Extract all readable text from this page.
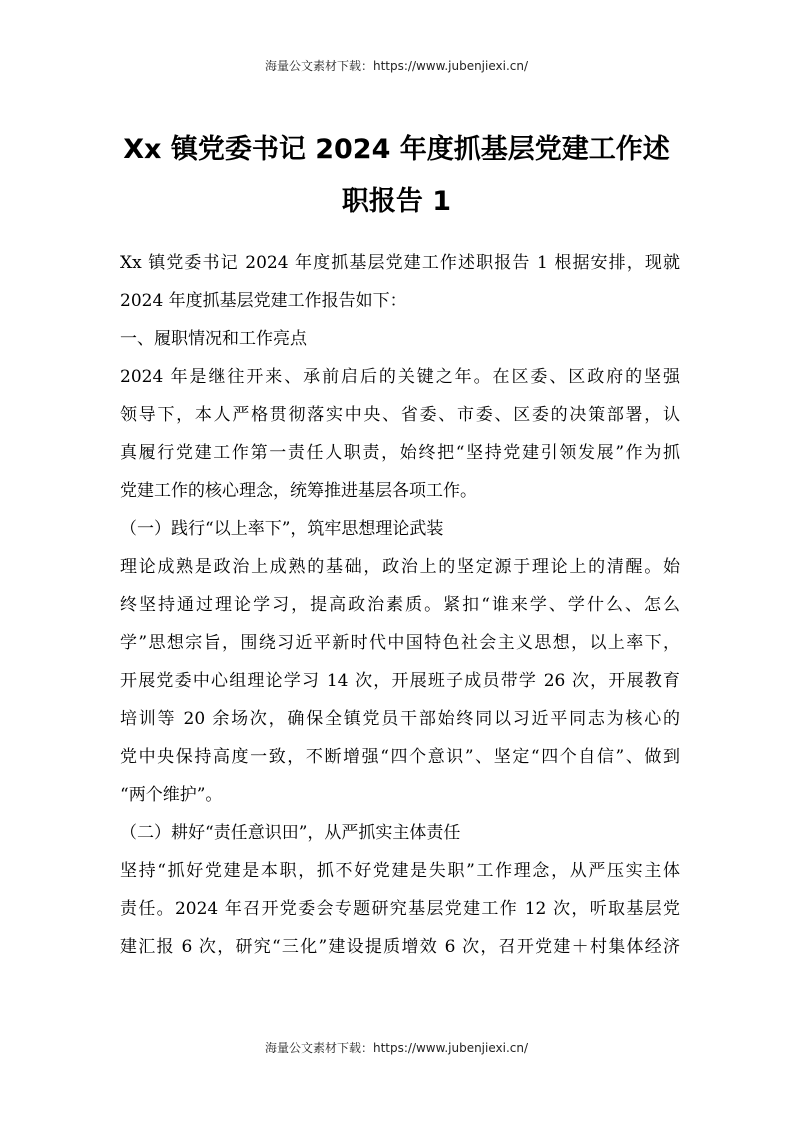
海量公文素材下载：https://www.jubenjiexi.cn/
Xx 镇党委书记 2024 年度抓基层党建工作述
职报告 1
Xx 镇党委书记 2024 年度抓基层党建工作述职报告 1 根据安排，现就
2024 年度抓基层党建工作报告如下：
一、履职情况和工作亮点
2024 年是继往开来、承前启后的关键之年。在区委、区政府的坚强
领导下，本人严格贯彻落实中央、省委、市委、区委的决策部署，认
真履行党建工作第一责任人职责，始终把“坚持党建引领发展”作为抓
党建工作的核心理念，统筹推进基层各项工作。
（一）践行“以上率下”，筑牢思想理论武装
理论成熟是政治上成熟的基础，政治上的坚定源于理论上的清醒。始
终坚持通过理论学习，提高政治素质。紧扣“谁来学、学什么、怎么
学”思想宗旨，围绕习近平新时代中国特色社会主义思想，以上率下，
开展党委中心组理论学习 14 次，开展班子成员带学 26 次，开展教育
培训等 20 余场次，确保全镇党员干部始终同以习近平同志为核心的
党中央保持高度一致，不断增强“四个意识”、坚定“四个自信”、做到
“两个维护”。
（二）耕好“责任意识田”，从严抓实主体责任
坚持“抓好党建是本职，抓不好党建是失职”工作理念，从严压实主体
责任。2024 年召开党委会专题研究基层党建工作 12 次，听取基层党
建汇报 6 次，研究“三化”建设提质增效 6 次，召开党建＋村集体经济
海量公文素材下载：https://www.jubenjiexi.cn/
